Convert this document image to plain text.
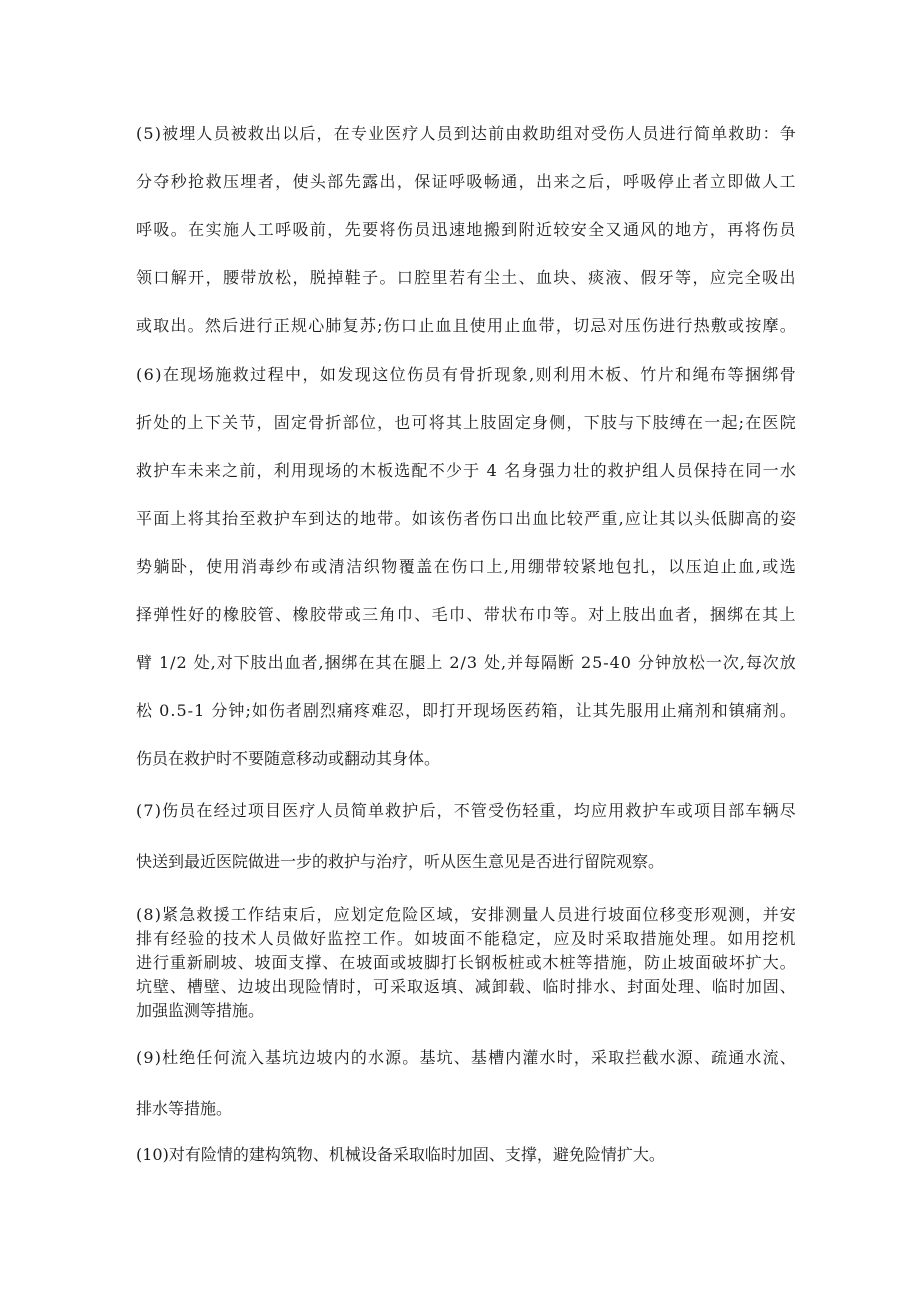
( 5 ) 被 埋 人 员 被 救 出 以 后 ， 在 专 业 医 疗 人 员 到 达 前 由 救 助 组 对 受 伤 人 员 进 行 简 单 救 助 ： 争
分 夺 秒 抢 救 压 埋 者 ， 使 头 部 先 露 出 ， 保 证 呼 吸 畅 通 ， 出 来 之 后 ， 呼 吸 停 止 者 立 即 做 人 工
呼 吸 。 在 实 施 人 工 呼 吸 前 ， 先 要 将 伤 员 迅 速 地 搬 到 附 近 较 安 全 又 通 风 的 地 方 ， 再 将 伤 员
领 口 解 开 ， 腰 带 放 松 ， 脱 掉 鞋 子 。 口 腔 里 若 有 尘 土 、 血 块 、 痰 液 、 假 牙 等 ， 应 完 全 吸 出
或 取 出 。 然 后 进 行 正 规 心 肺 复 苏 ; 伤 口 止 血 且 使 用 止 血 带 ， 切 忌 对 压 伤 进 行 热 敷 或 按 摩 。
( 6 ) 在 现 场 施 救 过 程 中 ， 如 发 现 这 位 伤 员 有 骨 折 现 象 , 则 利 用 木 板 、 竹 片 和 绳 布 等 捆 绑 骨
折 处 的 上 下 关 节 ， 固 定 骨 折 部 位 ， 也 可 将 其 上 肢 固 定 身 侧 ， 下 肢 与 下 肢 缚 在 一 起 ; 在 医 院
救 护 车 未 来 之 前 ， 利 用 现 场 的 木 板 选 配 不 少 于
4
名 身 强 力 壮 的 救 护 组 人 员 保 持 在 同 一 水
平 面 上 将 其 抬 至 救 护 车 到 达 的 地 带 。 如 该 伤 者 伤 口 出 血 比 较 严 重 , 应 让 其 以 头 低 脚 高 的 姿
势 躺 卧 ， 使 用 消 毒 纱 布 或 清 洁 织 物 覆 盖 在 伤 口 上 , 用 绷 带 较 紧 地 包 扎 ， 以 压 迫 止 血 , 或 选
择 弹 性 好 的 橡 胶 管 、 橡 胶 带 或 三 角 巾 、 毛 巾 、 带 状 布 巾 等 。 对 上 肢 出 血 者 ， 捆 绑 在 其 上
臂
1 / 2
处 , 对 下 肢 出 血 者 , 捆 绑 在 其 在 腿 上
2 / 3
处 , 并 每 隔 断
2 5 - 4 0
分 钟 放 松 一 次 , 每 次 放
松
0 . 5 - 1
分 钟 ; 如 伤 者 剧 烈 痛 疼 难 忍 ， 即 打 开 现 场 医 药 箱 ， 让 其 先 服 用 止 痛 剂 和 镇 痛 剂 。
伤员在救护时不要随意移动或翻动其身体。
( 7 ) 伤 员 在 经 过 项 目 医 疗 人 员 简 单 救 护 后 ， 不 管 受 伤 轻 重 ， 均 应 用 救 护 车 或 项 目 部 车 辆 尽
快送到最近医院做进一步的救护与治疗，听从医生意见是否进行留院观察。
( 8 ) 紧 急 救 援 工 作 结 束 后 ， 应 划 定 危 险 区 域 ， 安 排 测 量 人 员 进 行 坡 面 位 移 变 形 观 测 ， 并 安
排 有 经 验 的 技 术 人 员 做 好 监 控 工 作 。 如 坡 面 不 能 稳 定 ， 应 及 时 采 取 措 施 处 理 。 如 用 挖 机
进 行 重 新 刷 坡 、 坡 面 支 撑 、 在 坡 面 或 坡 脚 打 长 钢 板 桩 或 木 桩 等 措 施 ， 防 止 坡 面 破 坏 扩 大 。
坑 壁 、 槽 壁 、 边 坡 出 现 险 情 时 ， 可 采 取 返 填 、 减 卸 载 、 临 时 排 水 、 封 面 处 理 、 临 时 加 固 、
加强监测等措施。
( 9 ) 杜 绝 任 何 流 入 基 坑 边 坡 内 的 水 源 。 基 坑 、 基 槽 内 灌 水 时 ， 采 取 拦 截 水 源 、 疏 通 水 流 、
排水等措施。
(10)对有险情的建构筑物、机械设备采取临时加固、支撑，避免险情扩大。
